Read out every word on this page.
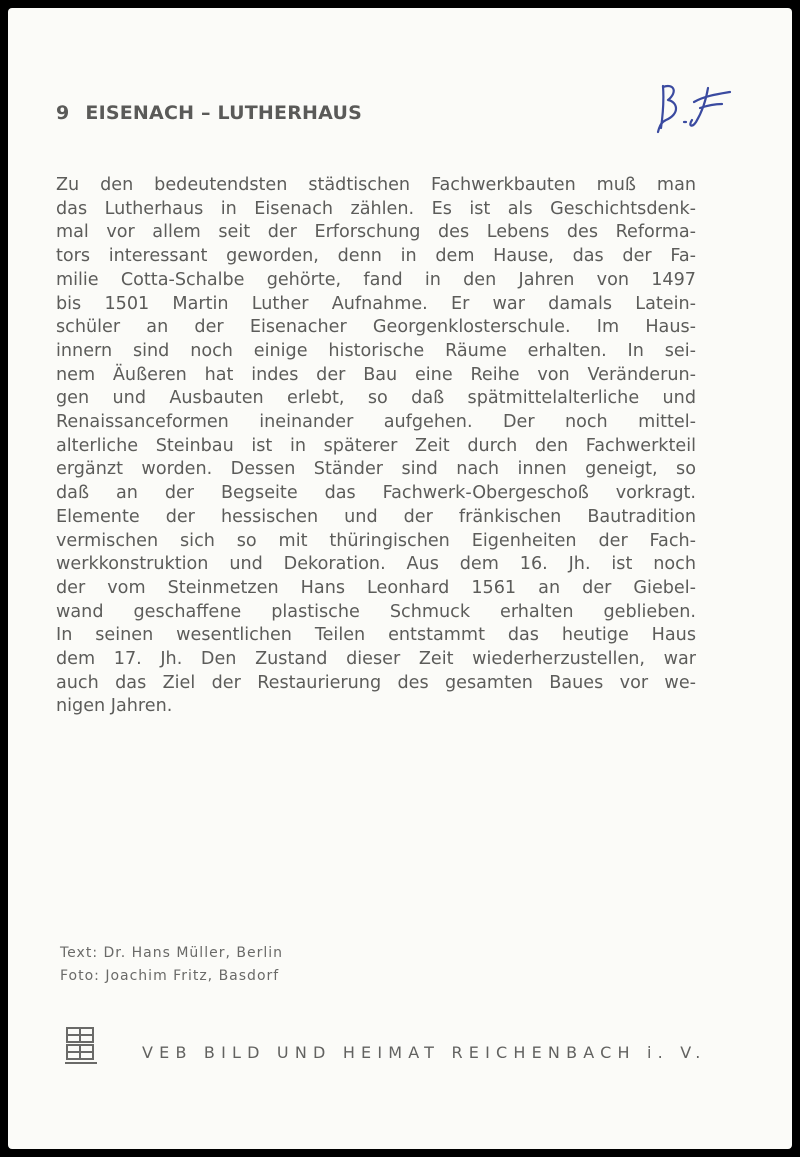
9 EISENACH – LUTHERHAUS

Zu den bedeutendsten städtischen Fachwerkbauten muß man
das Lutherhaus in Eisenach zählen. Es ist als Geschichtsdenk-
mal vor allem seit der Erforschung des Lebens des Reforma-
tors interessant geworden, denn in dem Hause, das der Fa-
milie Cotta-Schalbe gehörte, fand in den Jahren von 1497
bis 1501 Martin Luther Aufnahme. Er war damals Latein-
schüler an der Eisenacher Georgenklosterschule. Im Haus-
innern sind noch einige historische Räume erhalten. In sei-
nem Äußeren hat indes der Bau eine Reihe von Veränderun-
gen und Ausbauten erlebt, so daß spätmittelalterliche und
Renaissanceformen ineinander aufgehen. Der noch mittel-
alterliche Steinbau ist in späterer Zeit durch den Fachwerkteil
ergänzt worden. Dessen Ständer sind nach innen geneigt, so
daß an der Begseite das Fachwerk-Obergeschoß vorkragt.
Elemente der hessischen und der fränkischen Bautradition
vermischen sich so mit thüringischen Eigenheiten der Fach-
werkkonstruktion und Dekoration. Aus dem 16. Jh. ist noch
der vom Steinmetzen Hans Leonhard 1561 an der Giebel-
wand geschaffene plastische Schmuck erhalten geblieben.
In seinen wesentlichen Teilen entstammt das heutige Haus
dem 17. Jh. Den Zustand dieser Zeit wiederherzustellen, war
auch das Ziel der Restaurierung des gesamten Baues vor we-
nigen Jahren.

Text: Dr. Hans Müller, Berlin
Foto: Joachim Fritz, Basdorf
VEB BILD UND HEIMAT REICHENBACH i. V.
